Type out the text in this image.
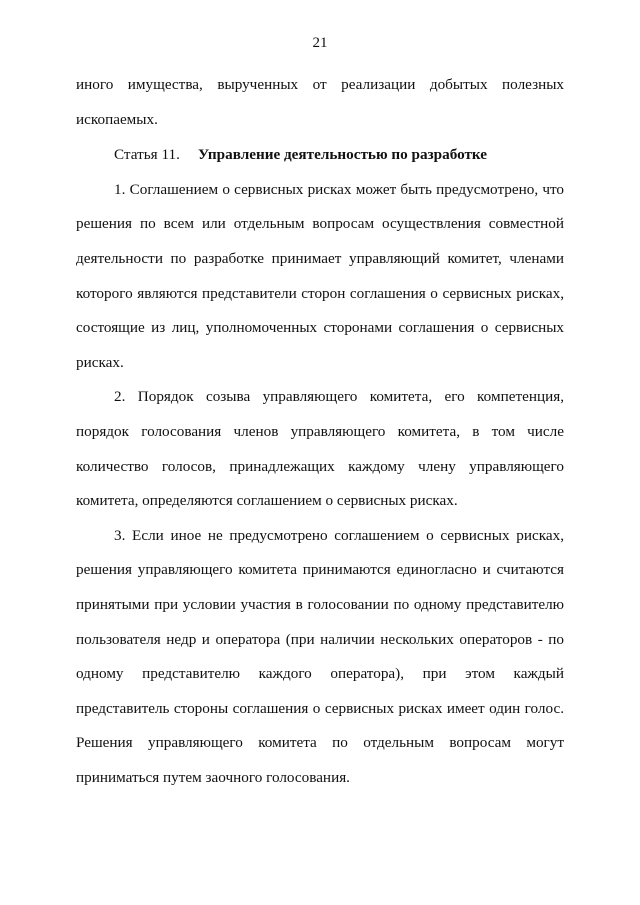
21

иного имущества, вырученных от реализации добытых полезных ископаемых.

Статья 11. Управление деятельностью по разработке

1. Соглашением о сервисных рисках может быть предусмотрено, что решения по всем или отдельным вопросам осуществления совместной деятельности по разработке принимает управляющий комитет, членами которого являются представители сторон соглашения о сервисных рисках, состоящие из лиц, уполномоченных сторонами соглашения о сервисных рисках.

2. Порядок созыва управляющего комитета, его компетенция, порядок голосования членов управляющего комитета, в том числе количество голосов, принадлежащих каждому члену управляющего комитета, определяются соглашением о сервисных рисках.

3. Если иное не предусмотрено соглашением о сервисных рисках, решения управляющего комитета принимаются единогласно и считаются принятыми при условии участия в голосовании по одному представителю пользователя недр и оператора (при наличии нескольких операторов - по одному представителю каждого оператора), при этом каждый представитель стороны соглашения о сервисных рисках имеет один голос. Решения управляющего комитета по отдельным вопросам могут приниматься путем заочного голосования.
